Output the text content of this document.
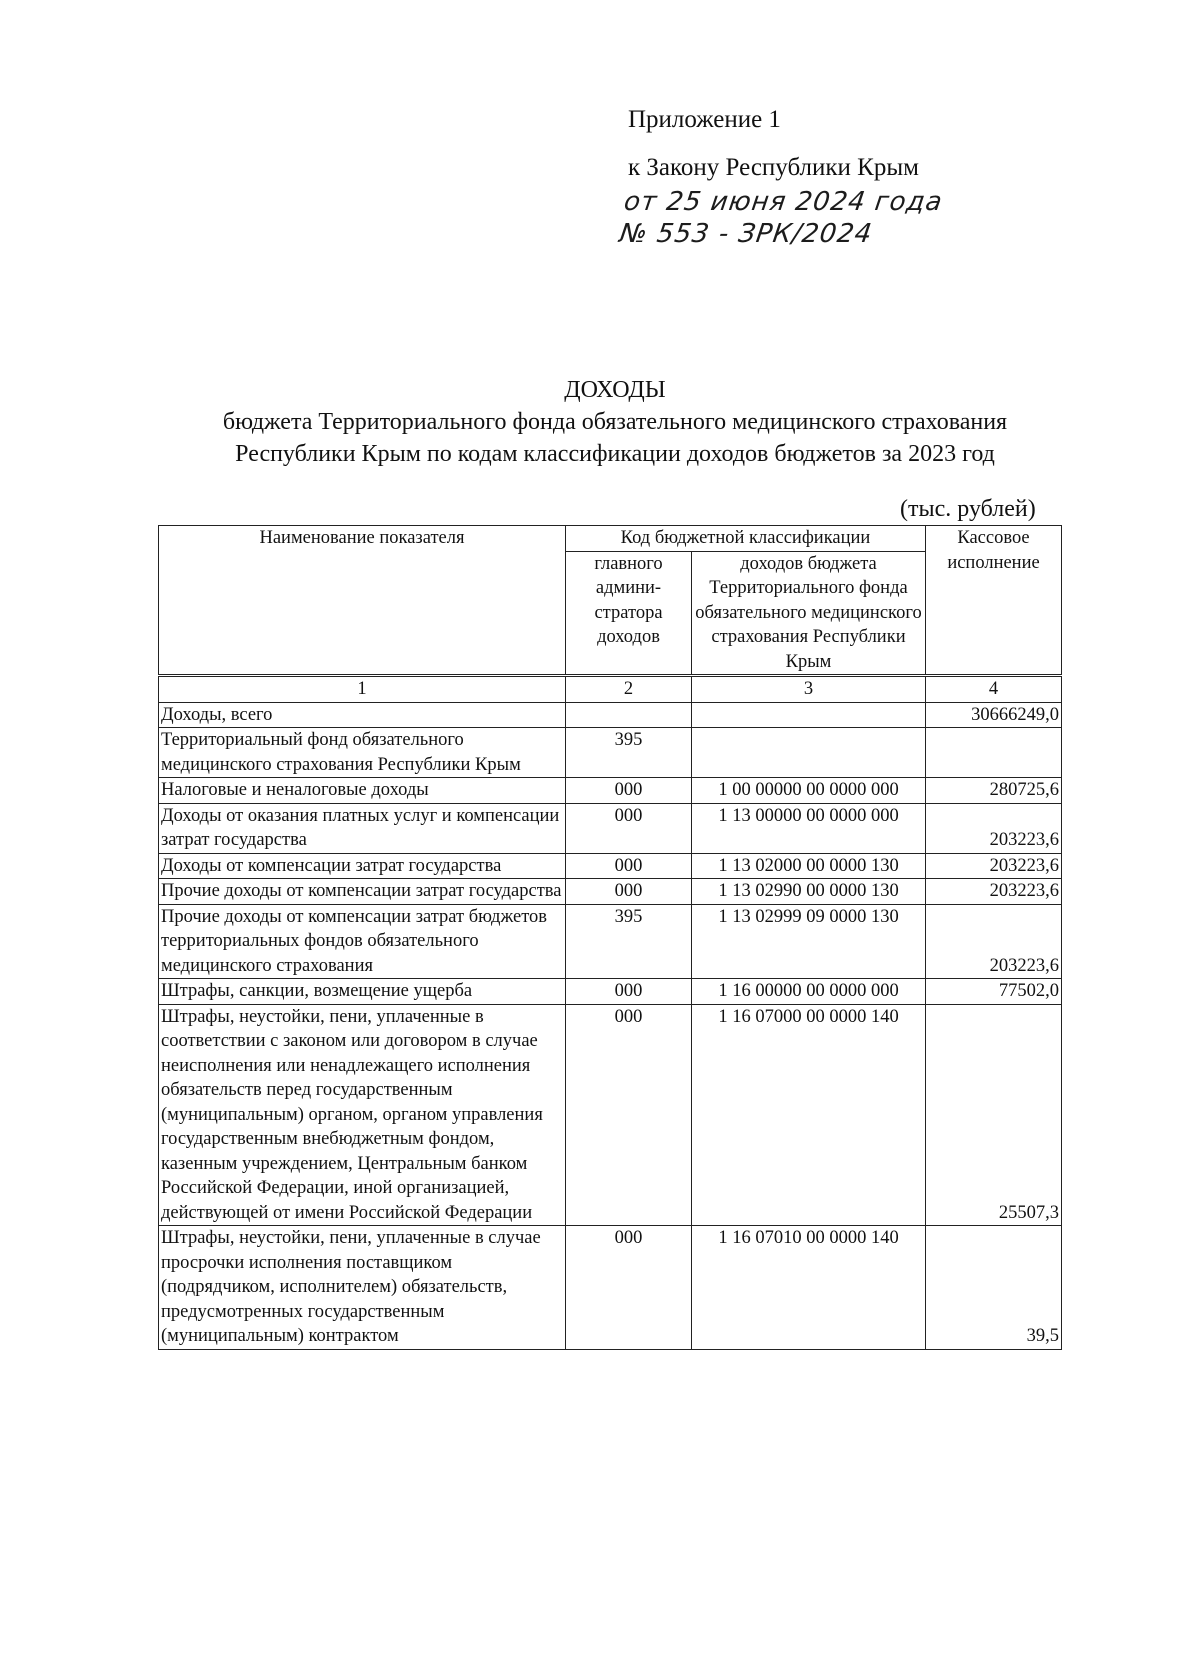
Приложение 1
к Закону Республики Крым
от 25 июня 2024 года
№ 553 - ЗРК/2024
ДОХОДЫ
бюджета Территориального фонда обязательного медицинского страхования
Республики Крым по кодам классификации доходов бюджетов за 2023 год
(тыс. рублей)
Наименование показателя	Код бюджетной классификации		Кассовое исполнение
	главного админи-стратора доходов	доходов бюджета Территориального фонда обязательного медицинского страхования Республики Крым	
1	2	3	4
Доходы, всего			30666249,0
Территориальный фонд обязательного медицинского страхования Республики Крым	395		
Налоговые и неналоговые доходы	000	1 00 00000 00 0000 000	280725,6
Доходы от оказания платных услуг и компенсации затрат государства	000	1 13 00000 00 0000 000	203223,6
Доходы от компенсации затрат государства	000	1 13 02000 00 0000 130	203223,6
Прочие доходы от компенсации затрат государства	000	1 13 02990 00 0000 130	203223,6
Прочие доходы от компенсации затрат бюджетов территориальных фондов обязательного медицинского страхования	395	1 13 02999 09 0000 130	203223,6
Штрафы, санкции, возмещение ущерба	000	1 16 00000 00 0000 000	77502,0
Штрафы, неустойки, пени, уплаченные в соответствии с законом или договором в случае неисполнения или ненадлежащего исполнения обязательств перед государственным (муниципальным) органом, органом управления государственным внебюджетным фондом, казенным учреждением, Центральным банком Российской Федерации, иной организацией, действующей от имени Российской Федерации	000	1 16 07000 00 0000 140	25507,3
Штрафы, неустойки, пени, уплаченные в случае просрочки исполнения поставщиком (подрядчиком, исполнителем) обязательств, предусмотренных государственным (муниципальным) контрактом	000	1 16 07010 00 0000 140	39,5
